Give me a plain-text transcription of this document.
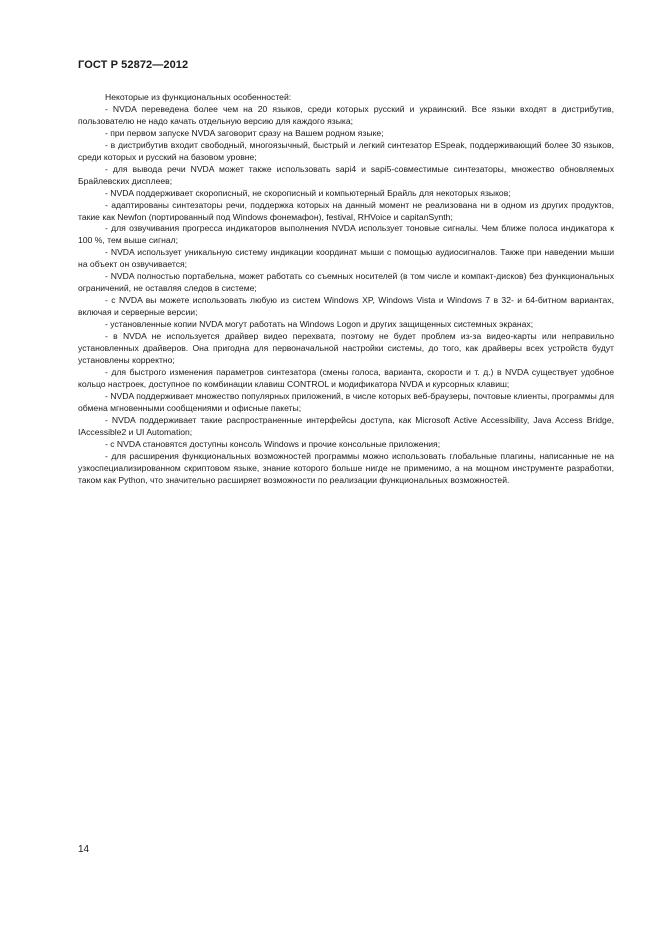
ГОСТ Р 52872—2012

Некоторые из функциональных особенностей:

- NVDA переведена более чем на 20 языков, среди которых русский и украинский. Все языки входят в дистрибутив, пользователю не надо качать отдельную версию для каждого языка;

- при первом запуске NVDA заговорит сразу на Вашем родном языке;

- в дистрибутив входит свободный, многоязычный, быстрый и легкий синтезатор ESpeak, поддерживающий более 30 языков, среди которых и русский на базовом уровне;

- для вывода речи NVDA может также использовать sapi4 и sapi5-совместимые синтезаторы, множество обновляемых Брайлевских дисплеев;

- NVDA поддерживает скорописный, не скорописный и компьютерный Брайль для некоторых языков;

- адаптированы синтезаторы речи, поддержка которых на данный момент не реализована ни в одном из других продуктов, такие как Newfon (портированный под Windows фонемафон), festival, RHVoice и capitanSynth;

- для озвучивания прогресса индикаторов выполнения NVDA использует тоновые сигналы. Чем ближе полоса индикатора к 100 %, тем выше сигнал;

- NVDA использует уникальную систему индикации координат мыши с помощью аудиосигналов. Также при наведении мыши на объект он озвучивается;

- NVDA полностью портабельна, может работать со съемных носителей (в том числе и компакт-дисков) без функциональных ограничений, не оставляя следов в системе;

- с NVDA вы можете использовать любую из систем Windows XP, Windows Vista и Windows 7 в 32- и 64-битном вариантах, включая и серверные версии;

- установленные копии NVDA могут работать на Windows Logon и других защищенных системных экранах;

- в NVDA не используется драйвер видео перехвата, поэтому не будет проблем из-за видео-карты или неправильно установленных драйверов. Она пригодна для первоначальной настройки системы, до того, как драйверы всех устройств будут установлены корректно;

- для быстрого изменения параметров синтезатора (смены голоса, варианта, скорости и т. д.) в NVDA существует удобное кольцо настроек, доступное по комбинации клавиш CONTROL и модификатора NVDA и курсорных клавиш;

- NVDA поддерживает множество популярных приложений, в числе которых веб-браузеры, почтовые клиенты, программы для обмена мгновенными сообщениями и офисные пакеты;

- NVDA поддерживает такие распространенные интерфейсы доступа, как Microsoft Active Accessibility, Java Access Bridge, IAccessible2 и UI Automation;

- с NVDA становятся доступны консоль Windows и прочие консольные приложения;

- для расширения функциональных возможностей программы можно использовать глобальные плагины, написанные не на узкоспециализированном скриптовом языке, знание которого больше нигде не применимо, а на мощном инструменте разработки, таком как Python, что значительно расширяет возможности по реализации функциональных возможностей.

14
